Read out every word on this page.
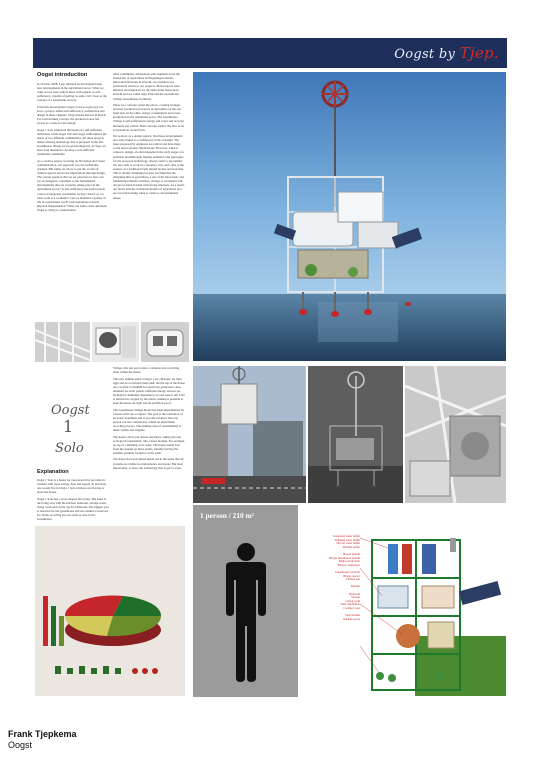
Oogst by Tjep.
Oogst introduction

In October 2008, Tjep. initiated an investigation into new developments in the agricultural sector. What we came across were radical ideas with regards to self-sufficiency, capable of getting us quite a bit closer to the concept of a sustainable society.

From this investigation Oogst (wwww.oogst.org) was born, a project aimed self-sufficiency, architecture and design in those chapters. Oogst means harvest in Dutch. For each forming concept, the production area has served as a basis for the design.

Oogst 1 Solo addressed the needs of a self-sufficient individual, while Oogst 100 and Oogst 1000 address the needs of two different communities. All three projects utilize existing technology that is proposed in the The Greenhouse Village (www.greenvillage.nl). At Tjep. we have long intended to develop a self-sufficient residential community.

As a creative agency focusing on 3D design and visual communication, our approach was not technically oriented. But rather we chose to put the accent on cultural aspects and social implications through design. The central question that we set ourselves is: how can we, as designers, contribute to the fundamental developments that are currently taking place in the agricultural sector? Is self-sufficiency the path towards a more ecologically sustainable society? And if so, on what scale is it workable? Can we maintain a quality of life in a globalized world with aspirations towards physical independence? These are some of the questions Oogst is trying to contextualize.

After preliminary discussions with engineers from the University of Agriculture in Wageningen and the Innovation Network in Utrecht, our attention was particularly drawn to two projects. Both projects were initiated and supported by the Innovation Network in Utrecht and are called Agro Park and the Greenhouse Village (Greenhouse in Dutch).

These two concepts given me above, creating stronger between production processes in agriculture on the one hand and, on the other, energy consumption and waste production in the residential sector. The Greenhouse Village is self-sufficient in energy and water and recycles nutrients and carbon. Both concepts endow the idea of an ecosystem in closed form.

We noticed, as a design agency, that these developments are rarely linked to a satisfactory form of design. The ideas proposed by engineers are radical and have huge social and economic implications. However, when it comes to design, an often happens in the early stages of a technical breakthrough, finding aesthetics and typologies for the proposed technology, always seem to lag behind. We also seek to work in a visionary way, and come to the essence of a traditional farm should be like and look like. This is doubly intriguing because we think that the intriguing hint of agriculture, a one of the more basic and fundamental human activities, change or revolution will always go hand in hand with strong emotions. As a result, our farms lack the traditional models of agriculture and are forward-looking when it comes to environmental issues.

Oogst
1
Solo
Explanation

Oogst 1 Solo is a house for one person that provides its resident with food, energy, heat and supply. In principle, one would live in Oogst 1 Solo without ever having to leave the house.

Oogst 1 Solo has a cross-shaped floor plan. The heart is the living area with the kitchen, bedroom, storage room, living room and on the top the bathroom. The biggest part is reserved for the greenhouse and site market is reserved for all the recycling process such as ones in the Greenhouse.

Village, this last part forms a complete new recycling plant within the house.

The only animals held at Oogst 1 are chickens, for their eggs and an occasional main dish. On the top of the house one can find a windmill for electricity generation. Also mounted are solar panels. Different energy sources are included to minimize dependency on one source. All CO2 is turned into oxygen by the plants, making it possible to keep the house air-tight and air pollution proof.

The Greenhouse Village model has been implemented for a house with one occupant. The goal is the realisation of an iconic statement and to provide evidence that one person can live comfortably within an identifiable recycling process. The ultimate idea of sustainability is made visible and tangible.

The house can be put almost anywhere, taking just one ecological requirement: like a lunar module. For example, on top of a building or in water. The house stands 6 m from the ground on these points, literally leaving the smallest possible footprint on the earth.

The house has been turned inside out in the sense that all systems are visible for maintenance and repair. But most importantly, to show the technology that is put to work.

1 person / 210 m²
Integrated water buffer
Drinking water buffer
Hot tap water buffer
Thermal buffer

Biogas system
Biogas distribution system
Bathroom & toilet
Biogas compressor

Greenhouse (vertical)
Biogas reactor
Chicken run

Kitchen

Bedroom
Storage
Living room
Solar installation
Cooling tower

Stair module
Outside access
Frank Tjepkema
Oogst
